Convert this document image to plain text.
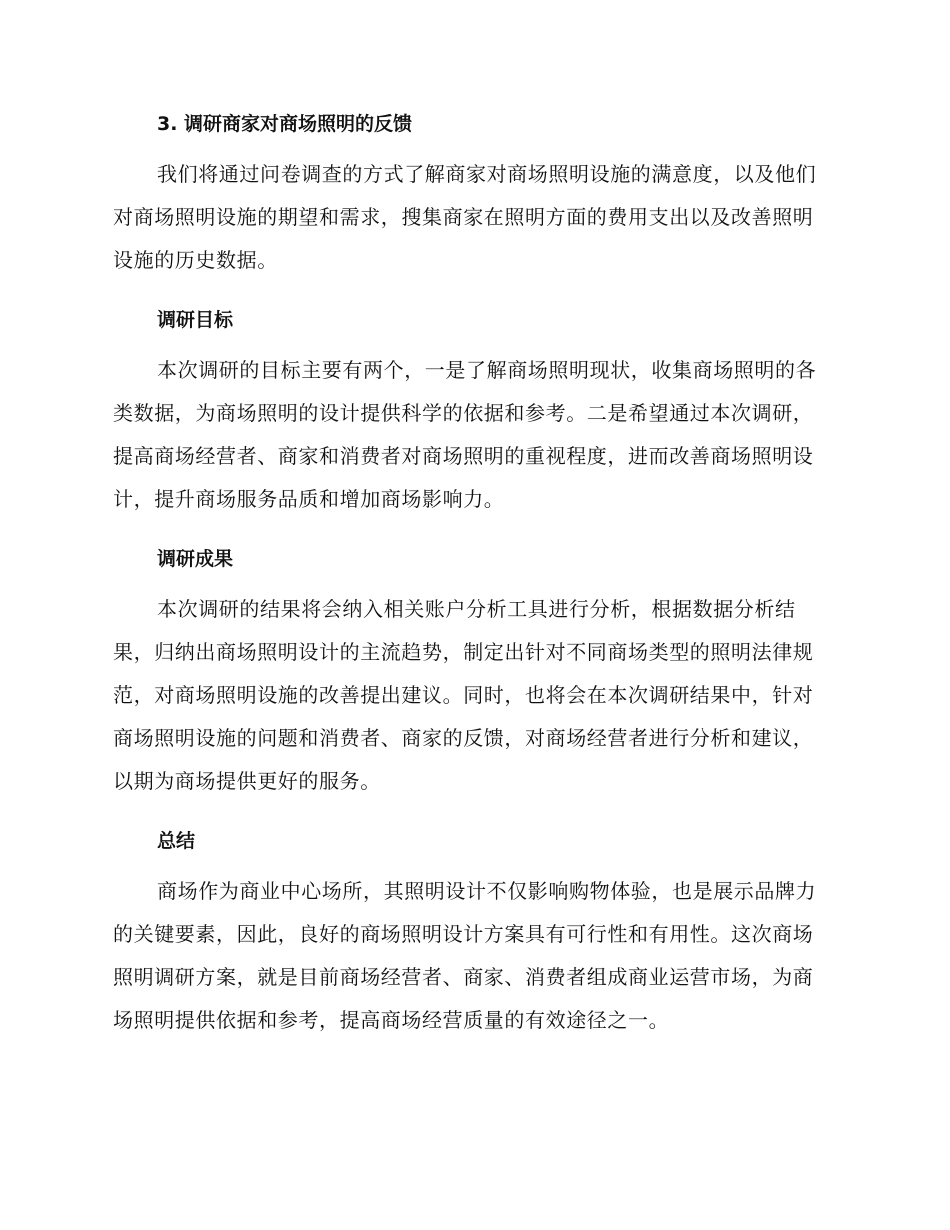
3. 调研商家对商场照明的反馈

我们将通过问卷调查的方式了解商家对商场照明设施的满意度，以及他们对商场照明设施的期望和需求，搜集商家在照明方面的费用支出以及改善照明设施的历史数据。

调研目标

本次调研的目标主要有两个，一是了解商场照明现状，收集商场照明的各类数据，为商场照明的设计提供科学的依据和参考。二是希望通过本次调研，提高商场经营者、商家和消费者对商场照明的重视程度，进而改善商场照明设计，提升商场服务品质和增加商场影响力。

调研成果

本次调研的结果将会纳入相关账户分析工具进行分析，根据数据分析结果，归纳出商场照明设计的主流趋势，制定出针对不同商场类型的照明法律规范，对商场照明设施的改善提出建议。同时，也将会在本次调研结果中，针对商场照明设施的问题和消费者、商家的反馈，对商场经营者进行分析和建议，以期为商场提供更好的服务。

总结

商场作为商业中心场所，其照明设计不仅影响购物体验，也是展示品牌力的关键要素，因此，良好的商场照明设计方案具有可行性和有用性。这次商场照明调研方案，就是目前商场经营者、商家、消费者组成商业运营市场，为商场照明提供依据和参考，提高商场经营质量的有效途径之一。
